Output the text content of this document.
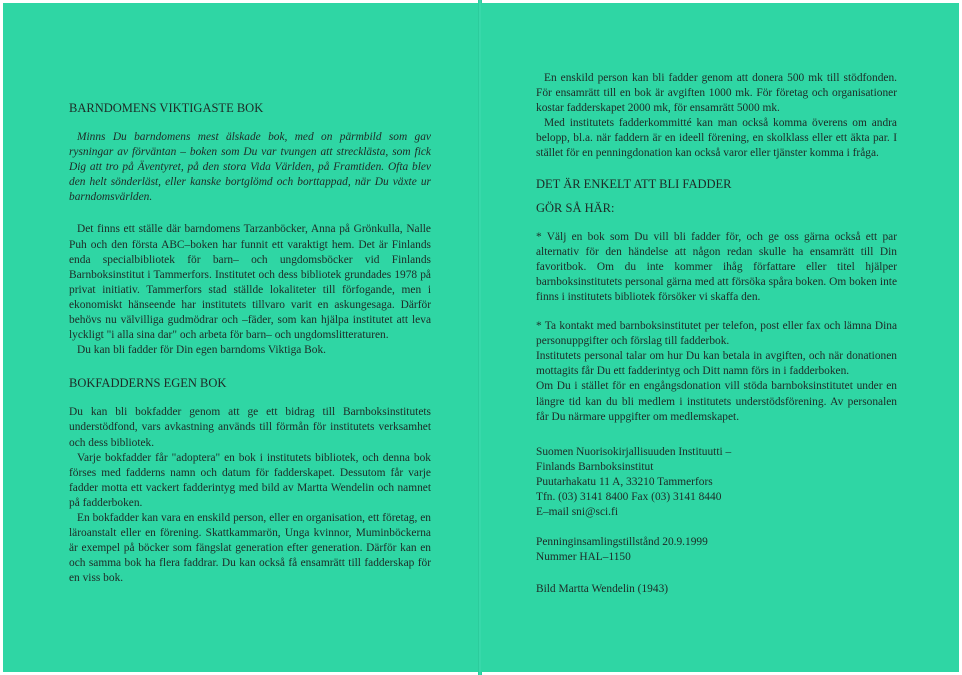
BARNDOMENS VIKTIGASTE BOK

Minns Du barndomens mest älskade bok, med on pärmbild som gav rysningar av förväntan – boken som Du var tvungen att strecklästa, som fick Dig att tro på Äventyret, på den stora Vida Världen, på Framtiden. Ofta blev den helt sönderläst, eller kanske bortglömd och borttappad, när Du växte ur barndomsvärlden.

Det finns ett ställe där barndomens Tarzanböcker, Anna på Grönkulla, Nalle Puh och den första ABC–boken har funnit ett varaktigt hem. Det är Finlands enda specialbibliotek för barn– och ungdomsböcker vid Finlands Barnboksinstitut i Tammerfors. Institutet och dess bibliotek grundades 1978 på privat initiativ. Tammerfors stad ställde lokaliteter till förfogande, men i ekonomiskt hänseende har institutets tillvaro varit en askungesaga. Därför behövs nu välvilliga gudmödrar och –fäder, som kan hjälpa institutet att leva lyckligt "i alla sina dar" och arbeta för barn– och ungdomslitteraturen.

Du kan bli fadder för Din egen barndoms Viktiga Bok.

BOKFADDERNS EGEN BOK

Du kan bli bokfadder genom att ge ett bidrag till Barnboksinstitutets understödfond, vars avkastning används till förmån för institutets verksamhet och dess bibliotek.

Varje bokfadder får "adoptera" en bok i institutets bibliotek, och denna bok förses med fadderns namn och datum för fadderskapet. Dessutom får varje fadder motta ett vackert fadderintyg med bild av Martta Wendelin och namnet på fadderboken.

En bokfadder kan vara en enskild person, eller en organisation, ett företag, en läroanstalt eller en förening. Skattkammarön, Unga kvinnor, Muminböckerna är exempel på böcker som fängslat generation efter generation. Därför kan en och samma bok ha flera faddrar. Du kan också få ensamrätt till fadderskap för en viss bok.

En enskild person kan bli fadder genom att donera 500 mk till stödfonden. För ensamrätt till en bok är avgiften 1000 mk. För företag och organisationer kostar fadderskapet 2000 mk, för ensamrätt 5000 mk.

Med institutets fadderkommitté kan man också komma överens om andra belopp, bl.a. när faddern är en ideell förening, en skolklass eller ett äkta par. I stället för en penningdonation kan också varor eller tjänster komma i fråga.

DET ÄR ENKELT ATT BLI FADDER
GÖR SÅ HÄR:

* Välj en bok som Du vill bli fadder för, och ge oss gärna också ett par alternativ för den händelse att någon redan skulle ha ensamrätt till Din favoritbok. Om du inte kommer ihåg författare eller titel hjälper barnboksinstitutets personal gärna med att försöka spåra boken. Om boken inte finns i institutets bibliotek försöker vi skaffa den.

* Ta kontakt med barnboksinstitutet per telefon, post eller fax och lämna Dina personuppgifter och förslag till fadderbok.

Institutets personal talar om hur Du kan betala in avgiften, och när donationen mottagits får Du ett fadderintyg och Ditt namn förs in i fadderboken.

Om Du i stället för en engångsdonation vill stöda barnboksinstitutet under en längre tid kan du bli medlem i institutets understödsförening. Av personalen får Du närmare uppgifter om medlemskapet.

Suomen Nuorisokirjallisuuden Instituutti –

Finlands Barnboksinstitut

Puutarhakatu 11 A, 33210 Tammerfors

Tfn. (03) 3141 8400 Fax (03) 3141 8440

E–mail sni@sci.fi

Penninginsamlingstillstånd 20.9.1999

Nummer HAL–1150

Bild Martta Wendelin (1943)
